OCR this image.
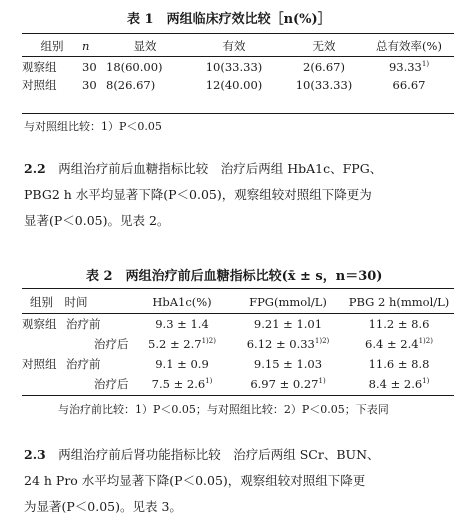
表 1　两组临床疗效比较［n(%)］
组别	n	显效	有效	无效	总有效率(%)
观察组	30	18(60.00)	10(33.33)	2(6.67)	93.33$^{1)}$
对照组	30	8(26.67)	12(40.00)	10(33.33)	66.67
与对照组比较：1）P＜0.05
2.2　 两组治疗前后血糖指标比较　治疗后两组 HbA1c、FPG、
PBG2 h 水平均显著下降(P＜0.05)，观察组较对照组下降更为
显著(P＜0.05)。见表 2。
表 2　两组治疗前后血糖指标比较(x̄ ± s，n＝30)
组别　时间		HbA1c(%)	FPG(mmol/L)	PBG 2 h(mmol/L)
观察组	治疗前	9.3 ± 1.4	9.21 ± 1.01	11.2 ± 8.6
	治疗后	$5.2 \pm 2.7^{1)2)}$	$6.12 \pm 0.33^{1)2)}$	$6.4 \pm 2.4^{1)2)}$
对照组	治疗前	9.1 ± 0.9	9.15 ± 1.03	11.6 ± 8.8
	治疗后	$7.5 \pm 2.6^{1)}$	$6.97 \pm 0.27^{1)}$	$8.4 \pm 2.6^{1)}$
与治疗前比较：1）P＜0.05；与对照组比较：2）P＜0.05；下表同
2.3　 两组治疗前后肾功能指标比较　治疗后两组 SCr、BUN、
24 h Pro 水平均显著下降(P＜0.05)，观察组较对照组下降更
为显著(P＜0.05)。见表 3。
